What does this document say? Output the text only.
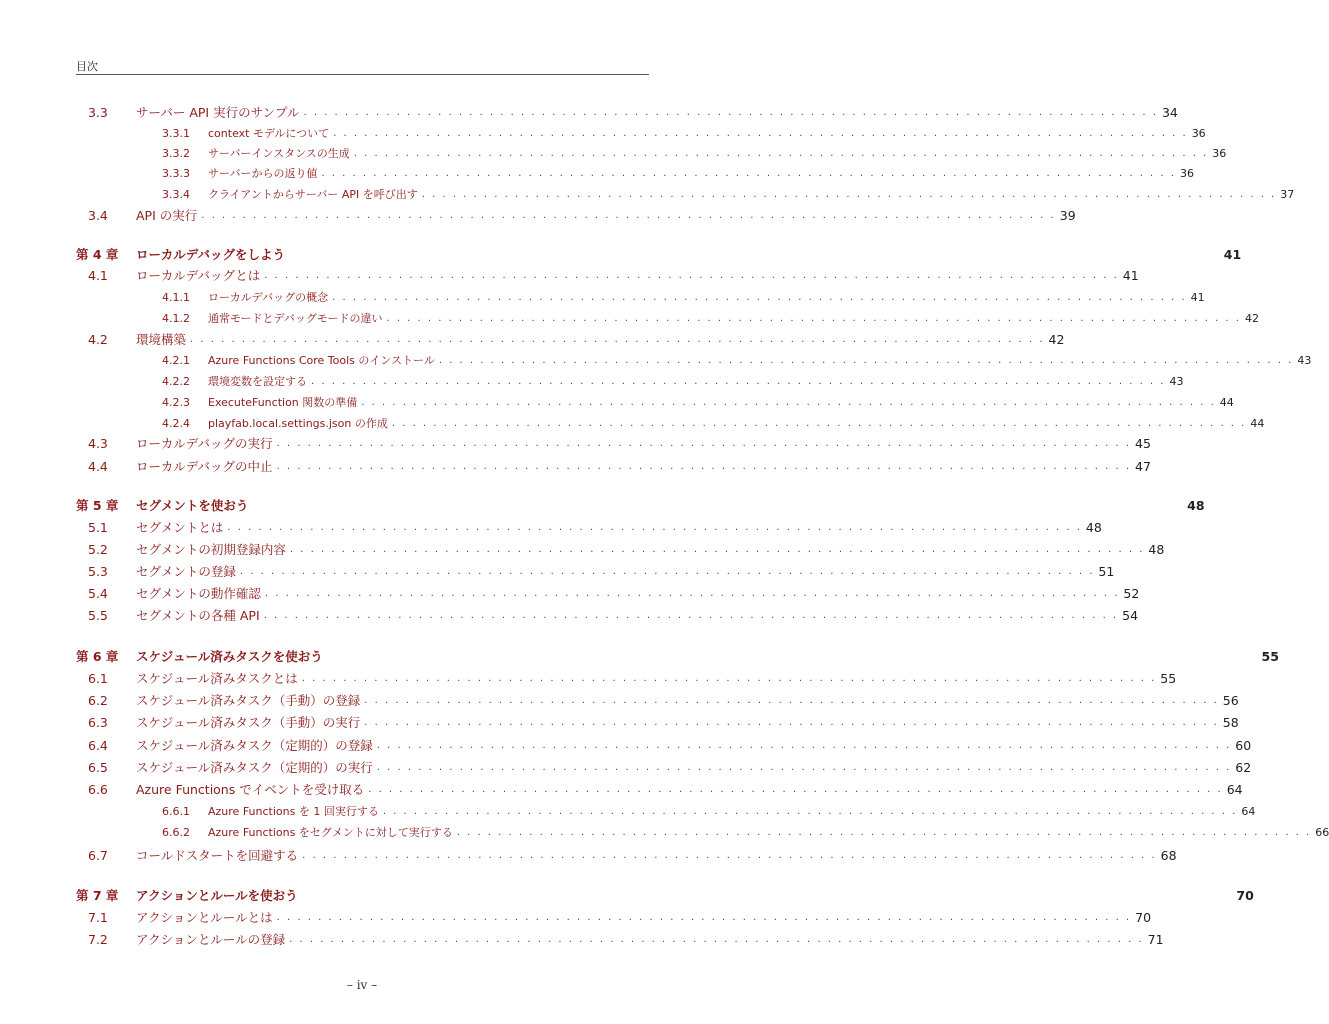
目次
3.3	サーバー API 実行のサンプル . . . . . . . . . . . . . . . . . . . . . . . . . . . . . . . . . . . . . . . . . . . . . . . . . . . . . . . . . . . . . . . . . . . . . . . . . . . . . . . . . . . 34
3.3.1	context モデルについて . . . . . . . . . . . . . . . . . . . . . . . . . . . . . . . . . . . . . . . . . . . . . . . . . . . . . . . . . . . . . . . . . . . . . . . . . . . . . . . . . . . 36
3.3.2	サーバーインスタンスの生成 . . . . . . . . . . . . . . . . . . . . . . . . . . . . . . . . . . . . . . . . . . . . . . . . . . . . . . . . . . . . . . . . . . . . . . . . . . . . . . . . . . . 36
3.3.3	サーバーからの返り値 . . . . . . . . . . . . . . . . . . . . . . . . . . . . . . . . . . . . . . . . . . . . . . . . . . . . . . . . . . . . . . . . . . . . . . . . . . . . . . . . . . . 36
3.3.4	クライアントからサーバー API を呼び出す . . . . . . . . . . . . . . . . . . . . . . . . . . . . . . . . . . . . . . . . . . . . . . . . . . . . . . . . . . . . . . . . . . . . . . . . . . . . . . . . . . . 37
3.4	API の実行 . . . . . . . . . . . . . . . . . . . . . . . . . . . . . . . . . . . . . . . . . . . . . . . . . . . . . . . . . . . . . . . . . . . . . . . . . . . . . . . . . . . 39
第 4 章	ローカルデバッグをしよう	41
4.1	ローカルデバッグとは . . . . . . . . . . . . . . . . . . . . . . . . . . . . . . . . . . . . . . . . . . . . . . . . . . . . . . . . . . . . . . . . . . . . . . . . . . . . . . . . . . . 41
4.1.1	ローカルデバッグの概念 . . . . . . . . . . . . . . . . . . . . . . . . . . . . . . . . . . . . . . . . . . . . . . . . . . . . . . . . . . . . . . . . . . . . . . . . . . . . . . . . . . . 41
4.1.2	通常モードとデバッグモードの違い . . . . . . . . . . . . . . . . . . . . . . . . . . . . . . . . . . . . . . . . . . . . . . . . . . . . . . . . . . . . . . . . . . . . . . . . . . . . . . . . . . . 42
4.2	環境構築 . . . . . . . . . . . . . . . . . . . . . . . . . . . . . . . . . . . . . . . . . . . . . . . . . . . . . . . . . . . . . . . . . . . . . . . . . . . . . . . . . . . 42
4.2.1	Azure Functions Core Tools のインストール . . . . . . . . . . . . . . . . . . . . . . . . . . . . . . . . . . . . . . . . . . . . . . . . . . . . . . . . . . . . . . . . . . . . . . . . . . . . . . . . . . . 43
4.2.2	環境変数を設定する . . . . . . . . . . . . . . . . . . . . . . . . . . . . . . . . . . . . . . . . . . . . . . . . . . . . . . . . . . . . . . . . . . . . . . . . . . . . . . . . . . . 43
4.2.3	ExecuteFunction 関数の準備 . . . . . . . . . . . . . . . . . . . . . . . . . . . . . . . . . . . . . . . . . . . . . . . . . . . . . . . . . . . . . . . . . . . . . . . . . . . . . . . . . . . 44
4.2.4	playfab.local.settings.json の作成 . . . . . . . . . . . . . . . . . . . . . . . . . . . . . . . . . . . . . . . . . . . . . . . . . . . . . . . . . . . . . . . . . . . . . . . . . . . . . . . . . . . 44
4.3	ローカルデバッグの実行 . . . . . . . . . . . . . . . . . . . . . . . . . . . . . . . . . . . . . . . . . . . . . . . . . . . . . . . . . . . . . . . . . . . . . . . . . . . . . . . . . . . 45
4.4	ローカルデバッグの中止 . . . . . . . . . . . . . . . . . . . . . . . . . . . . . . . . . . . . . . . . . . . . . . . . . . . . . . . . . . . . . . . . . . . . . . . . . . . . . . . . . . . 47
第 5 章	セグメントを使おう	48
5.1	セグメントとは . . . . . . . . . . . . . . . . . . . . . . . . . . . . . . . . . . . . . . . . . . . . . . . . . . . . . . . . . . . . . . . . . . . . . . . . . . . . . . . . . . . 48
5.2	セグメントの初期登録内容 . . . . . . . . . . . . . . . . . . . . . . . . . . . . . . . . . . . . . . . . . . . . . . . . . . . . . . . . . . . . . . . . . . . . . . . . . . . . . . . . . . . 48
5.3	セグメントの登録 . . . . . . . . . . . . . . . . . . . . . . . . . . . . . . . . . . . . . . . . . . . . . . . . . . . . . . . . . . . . . . . . . . . . . . . . . . . . . . . . . . . 51
5.4	セグメントの動作確認 . . . . . . . . . . . . . . . . . . . . . . . . . . . . . . . . . . . . . . . . . . . . . . . . . . . . . . . . . . . . . . . . . . . . . . . . . . . . . . . . . . . 52
5.5	セグメントの各種 API . . . . . . . . . . . . . . . . . . . . . . . . . . . . . . . . . . . . . . . . . . . . . . . . . . . . . . . . . . . . . . . . . . . . . . . . . . . . . . . . . . . 54
第 6 章	スケジュール済みタスクを使おう	55
6.1	スケジュール済みタスクとは . . . . . . . . . . . . . . . . . . . . . . . . . . . . . . . . . . . . . . . . . . . . . . . . . . . . . . . . . . . . . . . . . . . . . . . . . . . . . . . . . . . 55
6.2	スケジュール済みタスク（手動）の登録 . . . . . . . . . . . . . . . . . . . . . . . . . . . . . . . . . . . . . . . . . . . . . . . . . . . . . . . . . . . . . . . . . . . . . . . . . . . . . . . . . . . 56
6.3	スケジュール済みタスク（手動）の実行 . . . . . . . . . . . . . . . . . . . . . . . . . . . . . . . . . . . . . . . . . . . . . . . . . . . . . . . . . . . . . . . . . . . . . . . . . . . . . . . . . . . 58
6.4	スケジュール済みタスク（定期的）の登録 . . . . . . . . . . . . . . . . . . . . . . . . . . . . . . . . . . . . . . . . . . . . . . . . . . . . . . . . . . . . . . . . . . . . . . . . . . . . . . . . . . . 60
6.5	スケジュール済みタスク（定期的）の実行 . . . . . . . . . . . . . . . . . . . . . . . . . . . . . . . . . . . . . . . . . . . . . . . . . . . . . . . . . . . . . . . . . . . . . . . . . . . . . . . . . . . 62
6.6	Azure Functions でイベントを受け取る . . . . . . . . . . . . . . . . . . . . . . . . . . . . . . . . . . . . . . . . . . . . . . . . . . . . . . . . . . . . . . . . . . . . . . . . . . . . . . . . . . . 64
6.6.1	Azure Functions を 1 回実行する . . . . . . . . . . . . . . . . . . . . . . . . . . . . . . . . . . . . . . . . . . . . . . . . . . . . . . . . . . . . . . . . . . . . . . . . . . . . . . . . . . . 64
6.6.2	Azure Functions をセグメントに対して実行する . . . . . . . . . . . . . . . . . . . . . . . . . . . . . . . . . . . . . . . . . . . . . . . . . . . . . . . . . . . . . . . . . . . . . . . . . . . . . . . . . . . 66
6.7	コールドスタートを回避する . . . . . . . . . . . . . . . . . . . . . . . . . . . . . . . . . . . . . . . . . . . . . . . . . . . . . . . . . . . . . . . . . . . . . . . . . . . . . . . . . . . 68
第 7 章	アクションとルールを使おう	70
7.1	アクションとルールとは . . . . . . . . . . . . . . . . . . . . . . . . . . . . . . . . . . . . . . . . . . . . . . . . . . . . . . . . . . . . . . . . . . . . . . . . . . . . . . . . . . . 70
7.2	アクションとルールの登録 . . . . . . . . . . . . . . . . . . . . . . . . . . . . . . . . . . . . . . . . . . . . . . . . . . . . . . . . . . . . . . . . . . . . . . . . . . . . . . . . . . . 71
– iv –
